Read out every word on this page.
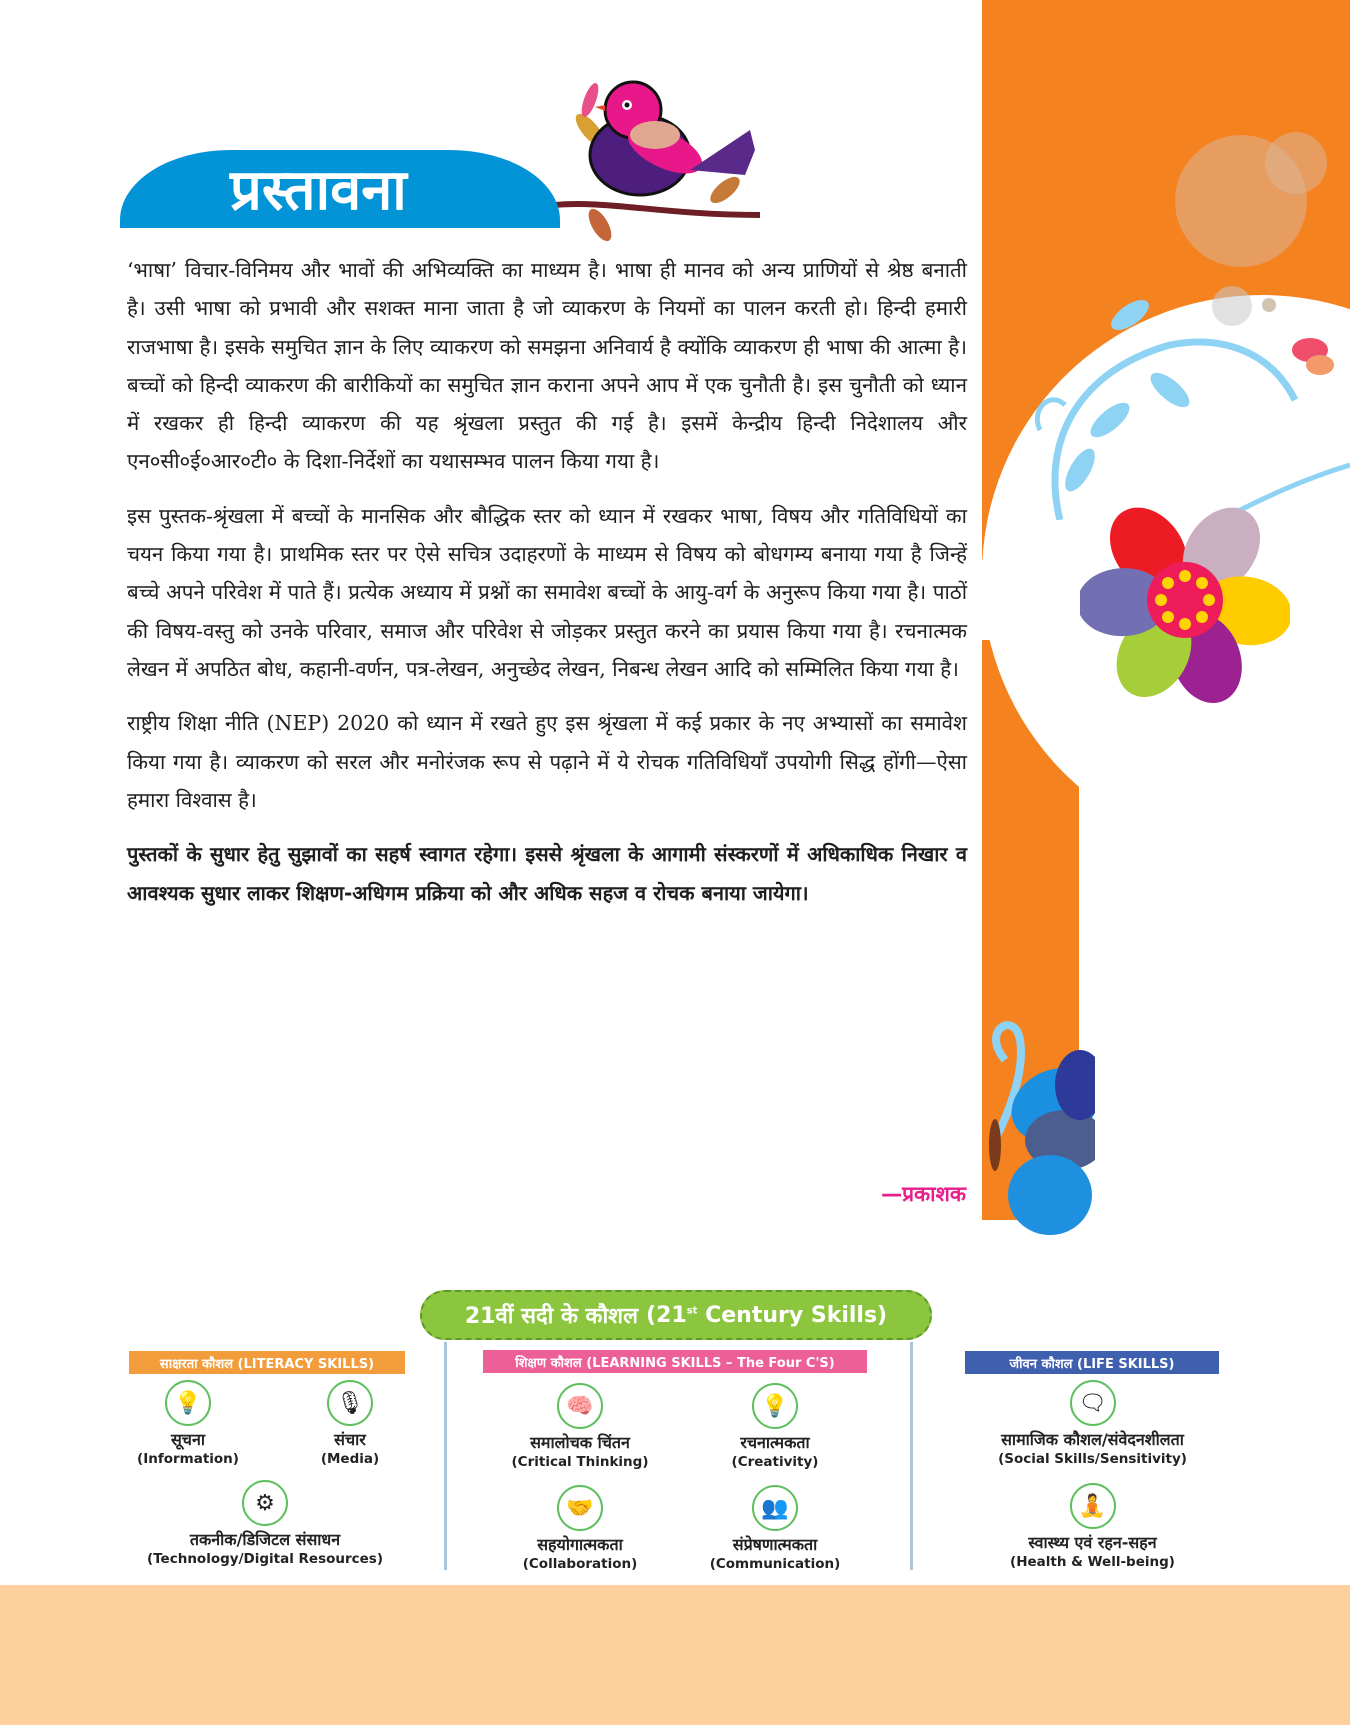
प्रस्तावना

‘भाषा’ विचार-विनिमय और भावों की अभिव्यक्ति का माध्यम है। भाषा ही मानव को अन्य प्राणियों से श्रेष्ठ बनाती है। उसी भाषा को प्रभावी और सशक्त माना जाता है जो व्याकरण के नियमों का पालन करती हो। हिन्दी हमारी राजभाषा है। इसके समुचित ज्ञान के लिए व्याकरण को समझना अनिवार्य है क्योंकि व्याकरण ही भाषा की आत्मा है। बच्चों को हिन्दी व्याकरण की बारीकियों का समुचित ज्ञान कराना अपने आप में एक चुनौती है। इस चुनौती को ध्यान में रखकर ही हिन्दी व्याकरण की यह श्रृंखला प्रस्तुत की गई है। इसमें केन्द्रीय हिन्दी निदेशालय और एन०सी०ई०आर०टी० के दिशा-निर्देशों का यथासम्भव पालन किया गया है।

इस पुस्तक-श्रृंखला में बच्चों के मानसिक और बौद्धिक स्तर को ध्यान में रखकर भाषा, विषय और गतिविधियों का चयन किया गया है। प्राथमिक स्तर पर ऐसे सचित्र उदाहरणों के माध्यम से विषय को बोधगम्य बनाया गया है जिन्हें बच्चे अपने परिवेश में पाते हैं। प्रत्येक अध्याय में प्रश्नों का समावेश बच्चों के आयु-वर्ग के अनुरूप किया गया है। पाठों की विषय-वस्तु को उनके परिवार, समाज और परिवेश से जोड़कर प्रस्तुत करने का प्रयास किया गया है। रचनात्मक लेखन में अपठित बोध, कहानी-वर्णन, पत्र-लेखन, अनुच्छेद लेखन, निबन्ध लेखन आदि को सम्मिलित किया गया है।

राष्ट्रीय शिक्षा नीति (NEP) 2020 को ध्यान में रखते हुए इस श्रृंखला में कई प्रकार के नए अभ्यासों का समावेश किया गया है। व्याकरण को सरल और मनोरंजक रूप से पढ़ाने में ये रोचक गतिविधियाँ उपयोगी सिद्ध होंगी—ऐसा हमारा विश्वास है।

पुस्तकों के सुधार हेतु सुझावों का सहर्ष स्वागत रहेगा। इससे श्रृंखला के आगामी संस्करणों में अधिकाधिक निखार व आवश्यक सुधार लाकर शिक्षण-अधिगम प्रक्रिया को और अधिक सहज व रोचक बनाया जायेगा।

—प्रकाशक
21वीं सदी के कौशल (21st Century Skills)
साक्षरता कौशल (LITERACY SKILLS)	शिक्षण कौशल (LEARNING SKILLS – The Four C'S)	जीवन कौशल (LIFE SKILLS)
💡
सूचना
(Information)
🎙
संचार
(Media)
⚙
तकनीक/डिजिटल संसाधन
(Technology/Digital Resources)
🧠
समालोचक चिंतन
(Critical Thinking)
💡
रचनात्मकता
(Creativity)
🤝
सहयोगात्मकता
(Collaboration)
👥
संप्रेषणात्मकता
(Communication)
🗨
सामाजिक कौशल/संवेदनशीलता
(Social Skills/Sensitivity)
🧘
स्वास्थ्य एवं रहन-सहन
(Health & Well-being)
